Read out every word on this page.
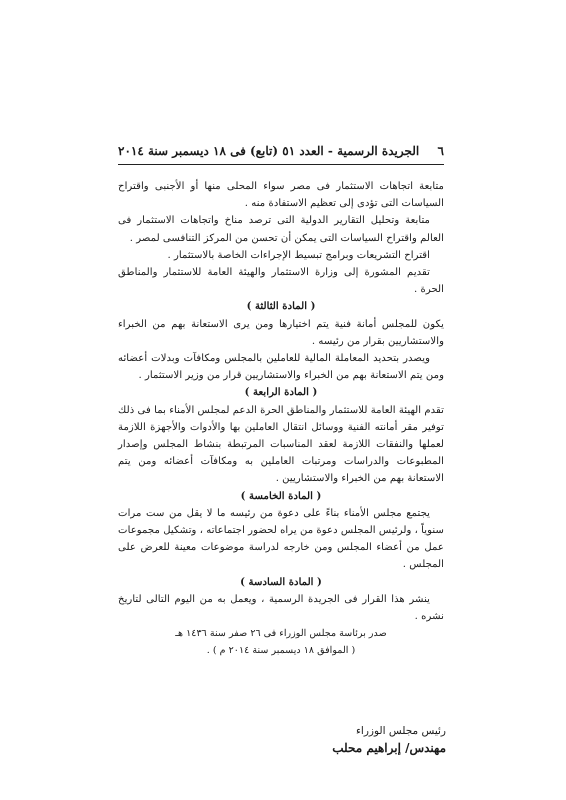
٦
الجريدة الرسمية - العدد ٥١ (تابع) فى ١٨ ديسمبر سنة ٢٠١٤

متابعة اتجاهات الاستثمار فى مصر سواء المحلى منها أو الأجنبى واقتراح السياسات التى تؤدى إلى تعظيم الاستفادة منه .

متابعة وتحليل التقارير الدولية التى ترصد مناخ واتجاهات الاستثمار فى العالم واقتراح السياسات التى يمكن أن تحسن من المركز التنافسى لمصر .

اقتراح التشريعات وبرامج تبسيط الإجراءات الخاصة بالاستثمار .

تقديم المشورة إلى وزارة الاستثمار والهيئة العامة للاستثمار والمناطق الحرة .

( المادة الثالثة )

يكون للمجلس أمانة فنية يتم اختيارها ومن يرى الاستعانة بهم من الخبراء والاستشاريين بقرار من رئيسه .

ويصدر بتحديد المعاملة المالية للعاملين بالمجلس ومكافآت وبدلات أعضائه ومن يتم الاستعانة بهم من الخبراء والاستشاريين قرار من وزير الاستثمار .

( المادة الرابعة )

تقدم الهيئة العامة للاستثمار والمناطق الحرة الدعم لمجلس الأمناء بما فى ذلك توفير مقر أمانته الفنية ووسائل انتقال العاملين بها والأدوات والأجهزة اللازمة لعملها والنفقات اللازمة لعقد المناسبات المرتبطة بنشاط المجلس وإصدار المطبوعات والدراسات ومرتبات العاملين به ومكافآت أعضائه ومن يتم الاستعانة بهم من الخبراء والاستشاريين .

( المادة الخامسة )

يجتمع مجلس الأمناء بناءً على دعوة من رئيسه ما لا يقل من ست مرات سنوياً ، ولرئيس المجلس دعوة من يراه لحضور اجتماعاته ، وتشكيل مجموعات عمل من أعضاء المجلس ومن خارجه لدراسة موضوعات معينة للعرض على المجلس .

( المادة السادسة )

ينشر هذا القرار فى الجريدة الرسمية ، ويعمل به من اليوم التالى لتاريخ نشره .

صدر برئاسة مجلس الوزراء فى ٢٦ صفر سنة ١٤٣٦ هـ

( الموافق ١٨ ديسمبر سنة ٢٠١٤ م ) .

رئيس مجلس الوزراء
مهندس/ إبراهيم محلب
